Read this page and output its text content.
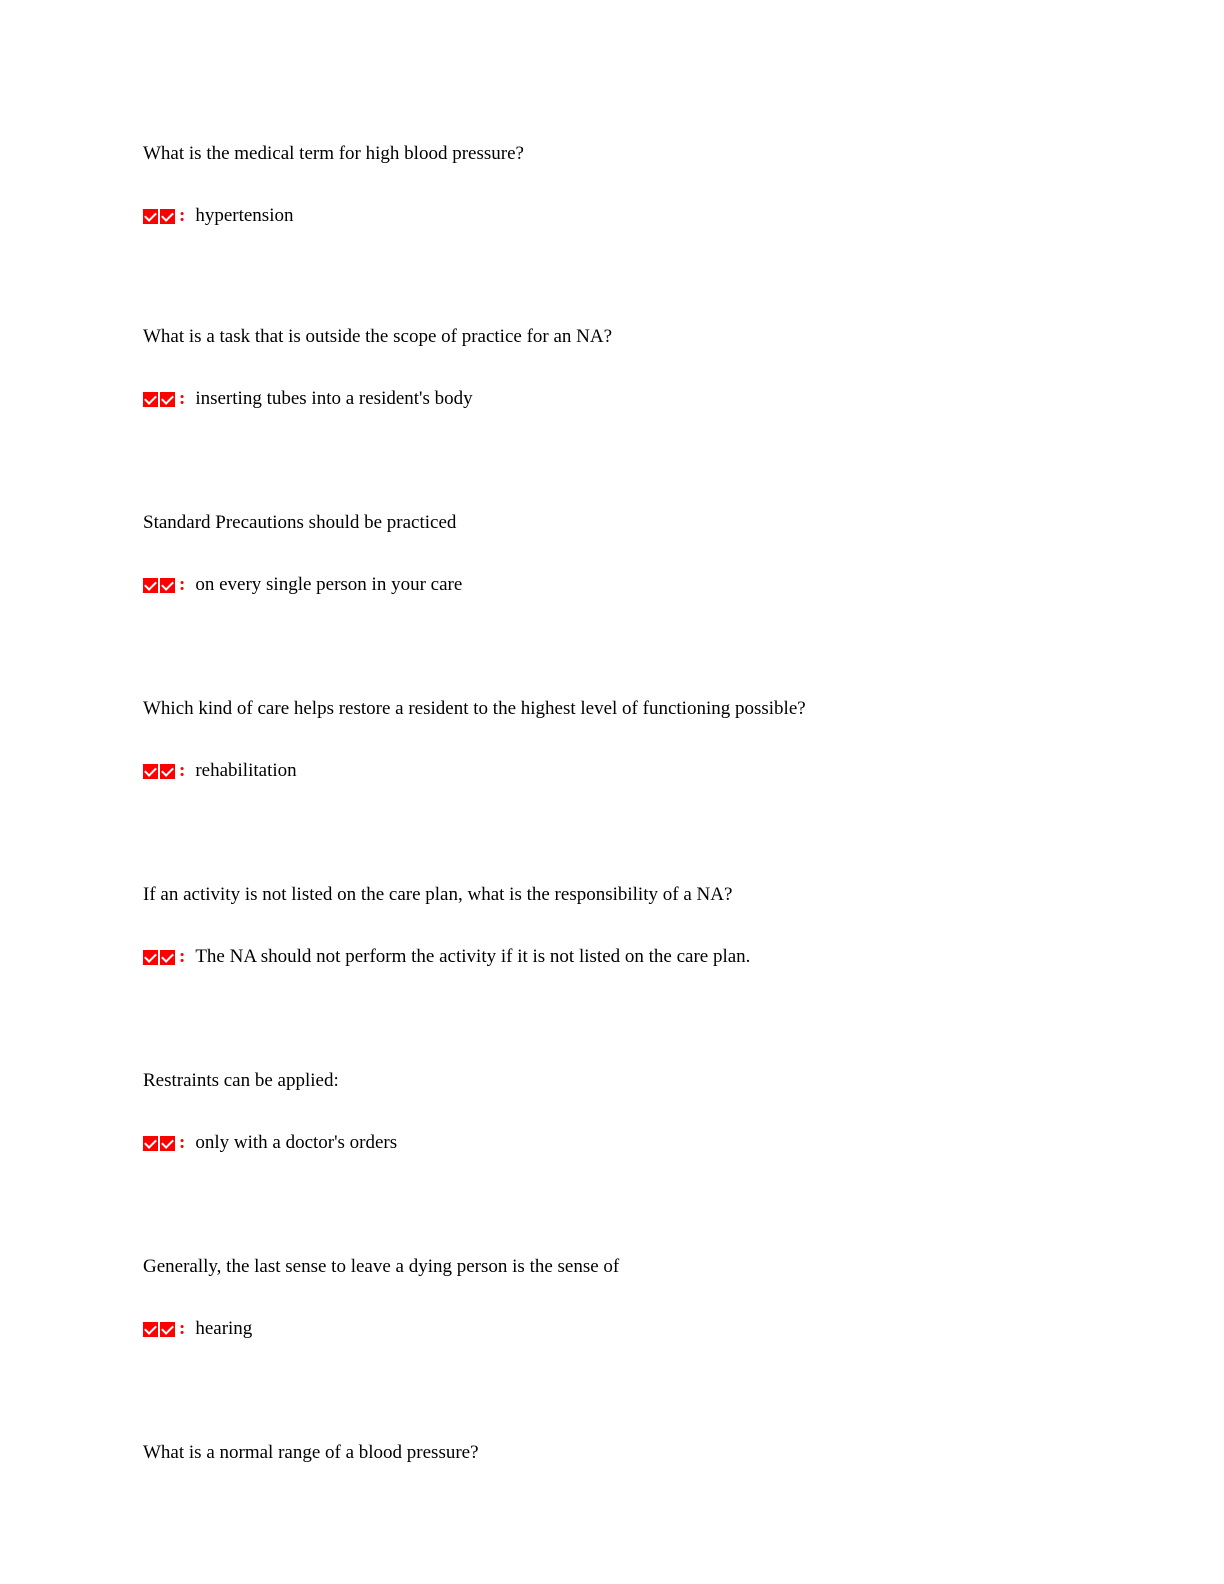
What is the medical term for high blood pressure?

: hypertension

What is a task that is outside the scope of practice for an NA?

: inserting tubes into a resident's body

Standard Precautions should be practiced

: on every single person in your care

Which kind of care helps restore a resident to the highest level of functioning possible?

: rehabilitation

If an activity is not listed on the care plan, what is the responsibility of a NA?

: The NA should not perform the activity if it is not listed on the care plan.

Restraints can be applied:

: only with a doctor's orders

Generally, the last sense to leave a dying person is the sense of

: hearing

What is a normal range of a blood pressure?
